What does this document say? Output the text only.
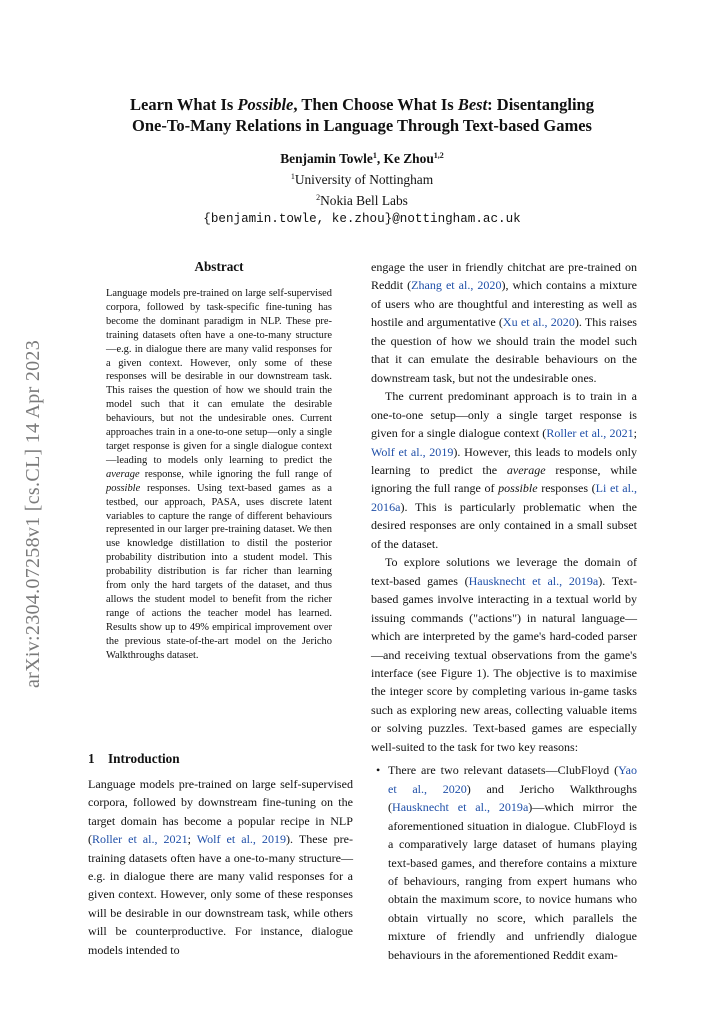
arXiv:2304.07258v1 [cs.CL] 14 Apr 2023
Learn What Is Possible, Then Choose What Is Best: Disentangling
One-To-Many Relations in Language Through Text-based Games
Benjamin Towle$^1$, Ke Zhou$^{1,2}$
$^1$University of Nottingham
$^2$Nokia Bell Labs
{benjamin.towle, ke.zhou}@nottingham.ac.uk
Abstract
Language models pre-trained on large self-supervised corpora, followed by task-specific fine-tuning has become the dominant paradigm in NLP. These pre-training datasets often have a one-to-many structure—e.g. in dialogue there are many valid responses for a given context. However, only some of these responses will be desirable in our downstream task. This raises the question of how we should train the model such that it can emulate the desirable behaviours, but not the undesirable ones. Current approaches train in a one-to-one setup—only a single target response is given for a single dialogue context—leading to models only learning to predict the average response, while ignoring the full range of possible responses. Using text-based games as a testbed, our approach, PASA, uses discrete latent variables to capture the range of different behaviours represented in our larger pre-training dataset. We then use knowledge distillation to distil the posterior probability distribution into a student model. This probability distribution is far richer than learning from only the hard targets of the dataset, and thus allows the student model to benefit from the richer range of actions the teacher model has learned. Results show up to 49% empirical improvement over the previous state-of-the-art model on the Jericho Walkthroughs dataset.
1 Introduction

Language models pre-trained on large self-supervised corpora, followed by downstream fine-tuning on the target domain has become a popular recipe in NLP (Roller et al., 2021; Wolf et al., 2019). These pre-training datasets often have a one-to-many structure—e.g. in dialogue there are many valid responses for a given context. However, only some of these responses will be desirable in our downstream task, while others will be counterproductive. For instance, dialogue models intended to

engage the user in friendly chitchat are pre-trained on Reddit (Zhang et al., 2020), which contains a mixture of users who are thoughtful and interesting as well as hostile and argumentative (Xu et al., 2020). This raises the question of how we should train the model such that it can emulate the desirable behaviours on the downstream task, but not the undesirable ones.

The current predominant approach is to train in a one-to-one setup—only a single target response is given for a single dialogue context (Roller et al., 2021; Wolf et al., 2019). However, this leads to models only learning to predict the average response, while ignoring the full range of possible responses (Li et al., 2016a). This is particularly problematic when the desired responses are only contained in a small subset of the dataset.

To explore solutions we leverage the domain of text-based games (Hausknecht et al., 2019a). Text-based games involve interacting in a textual world by issuing commands ("actions") in natural language—which are interpreted by the game's hard-coded parser—and receiving textual observations from the game's interface (see Figure 1). The objective is to maximise the integer score by completing various in-game tasks such as exploring new areas, collecting valuable items or solving puzzles. Text-based games are especially well-suited to the task for two key reasons:

• There are two relevant datasets—ClubFloyd (Yao et al., 2020) and Jericho Walkthroughs (Hausknecht et al., 2019a)—which mirror the aforementioned situation in dialogue. ClubFloyd is a comparatively large dataset of humans playing text-based games, and therefore contains a mixture of behaviours, ranging from expert humans who obtain the maximum score, to novice humans who obtain virtually no score, which parallels the mixture of friendly and unfriendly dialogue behaviours in the aforementioned Reddit exam-
